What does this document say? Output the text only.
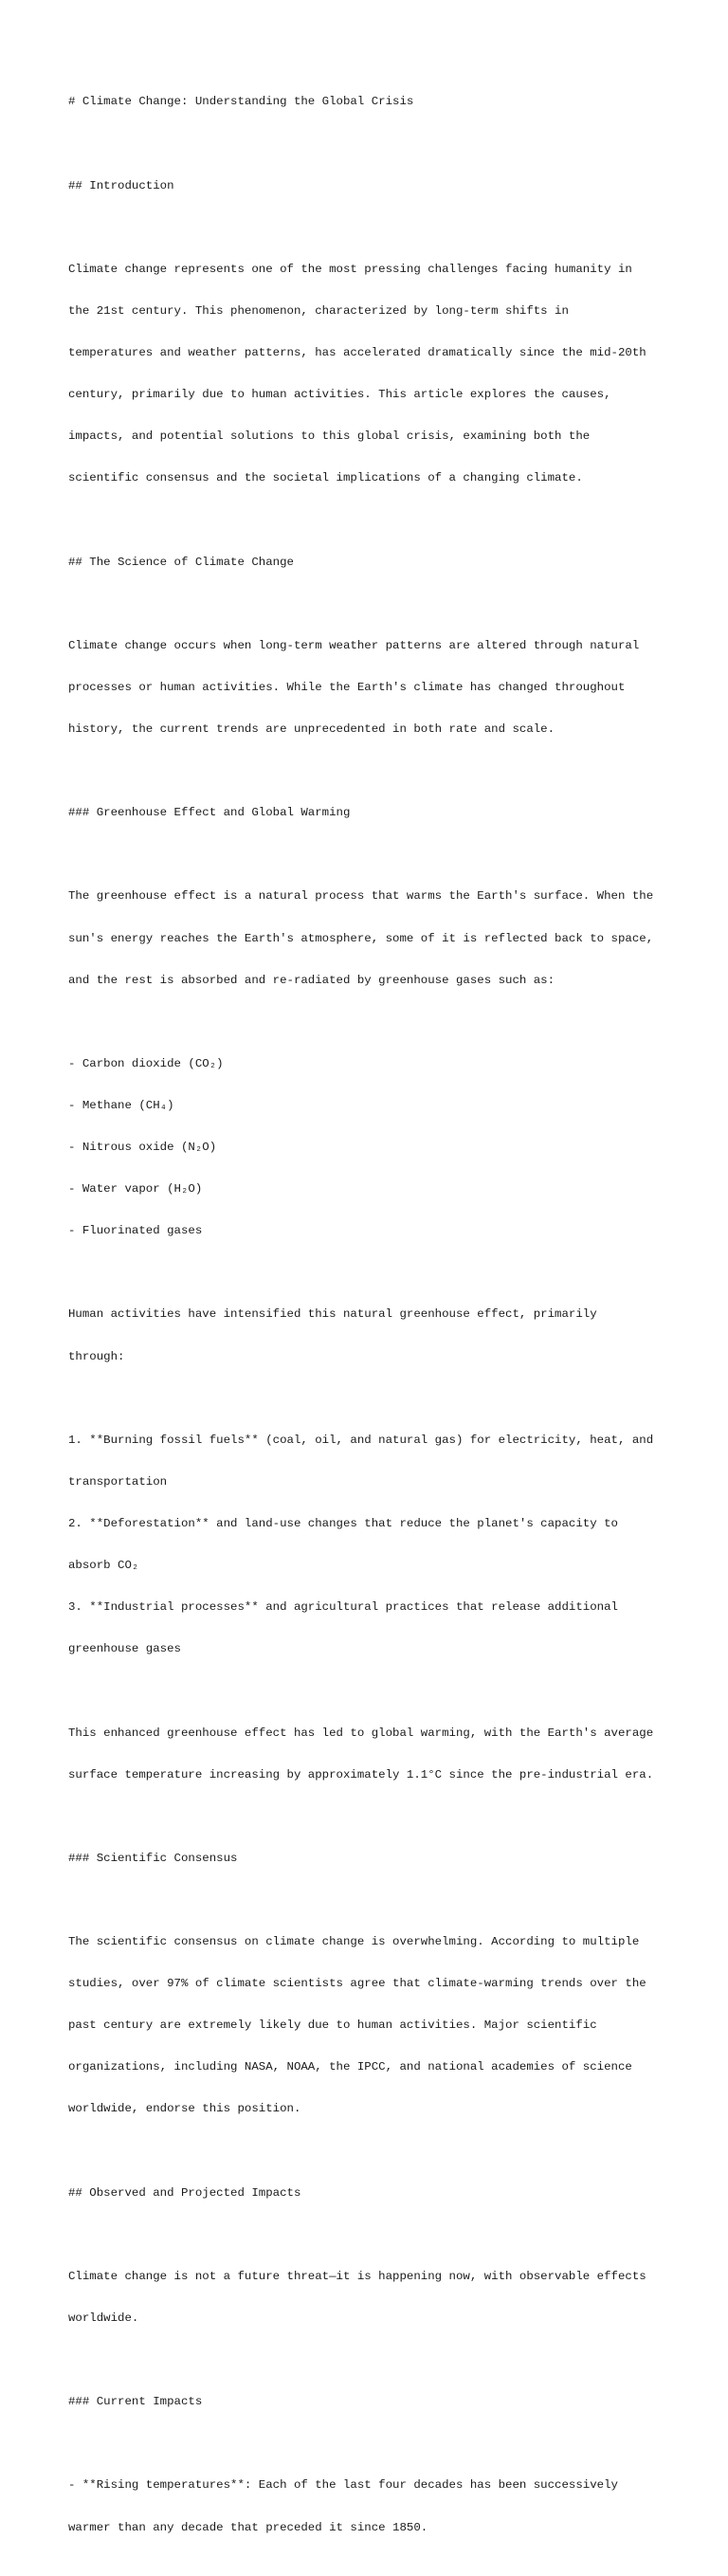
# Climate Change: Understanding the Global Crisis

## Introduction

Climate change represents one of the most pressing challenges facing humanity in

the 21st century. This phenomenon, characterized by long-term shifts in

temperatures and weather patterns, has accelerated dramatically since the mid-20th

century, primarily due to human activities. This article explores the causes,

impacts, and potential solutions to this global crisis, examining both the

scientific consensus and the societal implications of a changing climate.

## The Science of Climate Change

Climate change occurs when long-term weather patterns are altered through natural

processes or human activities. While the Earth's climate has changed throughout

history, the current trends are unprecedented in both rate and scale.

### Greenhouse Effect and Global Warming

The greenhouse effect is a natural process that warms the Earth's surface. When the

sun's energy reaches the Earth's atmosphere, some of it is reflected back to space,

and the rest is absorbed and re-radiated by greenhouse gases such as:

- Carbon dioxide (CO₂)

- Methane (CH₄)

- Nitrous oxide (N₂O)

- Water vapor (H₂O)

- Fluorinated gases

Human activities have intensified this natural greenhouse effect, primarily

through:

1. **Burning fossil fuels** (coal, oil, and natural gas) for electricity, heat, and

transportation

2. **Deforestation** and land-use changes that reduce the planet's capacity to

absorb CO₂

3. **Industrial processes** and agricultural practices that release additional

greenhouse gases

This enhanced greenhouse effect has led to global warming, with the Earth's average

surface temperature increasing by approximately 1.1°C since the pre-industrial era.

### Scientific Consensus

The scientific consensus on climate change is overwhelming. According to multiple

studies, over 97% of climate scientists agree that climate-warming trends over the

past century are extremely likely due to human activities. Major scientific

organizations, including NASA, NOAA, the IPCC, and national academies of science

worldwide, endorse this position.

## Observed and Projected Impacts

Climate change is not a future threat—it is happening now, with observable effects

worldwide.

### Current Impacts

- **Rising temperatures**: Each of the last four decades has been successively

warmer than any decade that preceded it since 1850.
